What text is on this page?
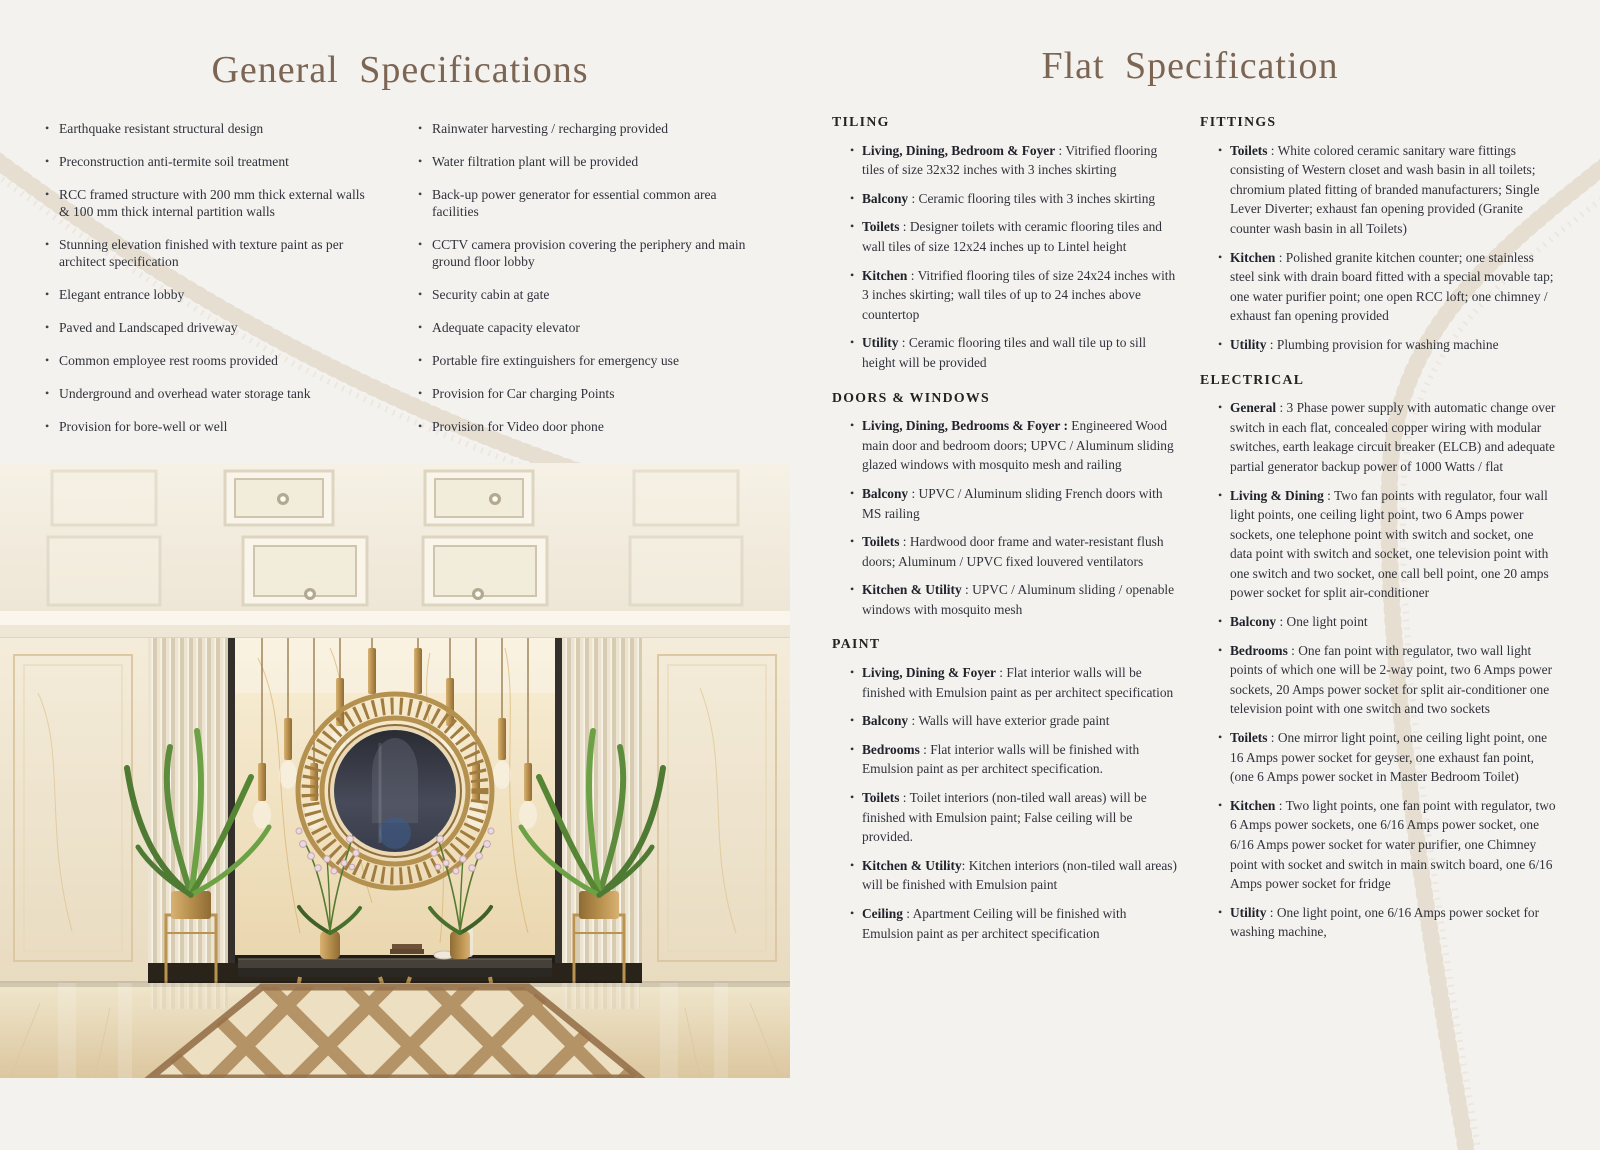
General Specifications	Flat Specification
• Earthquake resistant structural design
• Preconstruction anti-termite soil treatment
• RCC framed structure with 200 mm thick external walls & 100 mm thick internal partition walls
• Stunning elevation finished with texture paint as per architect specification
• Elegant entrance lobby
• Paved and Landscaped driveway
• Common employee rest rooms provided
• Underground and overhead water storage tank
• Provision for bore-well or well
• Rainwater harvesting / recharging provided
• Water filtration plant will be provided
• Back-up power generator for essential common area facilities
• CCTV camera provision covering the periphery and main ground floor lobby
• Security cabin at gate
• Adequate capacity elevator
• Portable fire extinguishers for emergency use
• Provision for Car charging Points
• Provision for Video door phone
TILING
• Living, Dining, Bedroom & Foyer : Vitrified flooring tiles of size 32x32 inches with 3 inches skirting
• Balcony : Ceramic flooring tiles with 3 inches skirting
• Toilets : Designer toilets with ceramic flooring tiles and wall tiles of size 12x24 inches up to Lintel height
• Kitchen : Vitrified flooring tiles of size 24x24 inches with 3 inches skirting; wall tiles of up to 24 inches above countertop
• Utility : Ceramic flooring tiles and wall tile up to sill height will be provided
DOORS & WINDOWS
• Living, Dining, Bedrooms & Foyer : Engineered Wood main door and bedroom doors; UPVC / Aluminum sliding glazed windows with mosquito mesh and railing
• Balcony : UPVC / Aluminum sliding French doors with MS railing
• Toilets : Hardwood door frame and water-resistant flush doors; Aluminum / UPVC fixed louvered ventilators
• Kitchen & Utility : UPVC / Aluminum sliding / openable windows with mosquito mesh
PAINT
• Living, Dining & Foyer : Flat interior walls will be finished with Emulsion paint as per architect specification
• Balcony : Walls will have exterior grade paint
• Bedrooms : Flat interior walls will be finished with Emulsion paint as per architect specification.
• Toilets : Toilet interiors (non-tiled wall areas) will be finished with Emulsion paint; False ceiling will be provided.
• Kitchen & Utility: Kitchen interiors (non-tiled wall areas) will be finished with Emulsion paint
• Ceiling : Apartment Ceiling will be finished with Emulsion paint as per architect specification
FITTINGS
• Toilets : White colored ceramic sanitary ware fittings consisting of Western closet and wash basin in all toilets; chromium plated fitting of branded manufacturers; Single Lever Diverter; exhaust fan opening provided (Granite counter wash basin in all Toilets)
• Kitchen : Polished granite kitchen counter; one stainless steel sink with drain board fitted with a special movable tap; one water purifier point; one open RCC loft; one chimney / exhaust fan opening provided
• Utility : Plumbing provision for washing machine
ELECTRICAL
• General : 3 Phase power supply with automatic change over switch in each flat, concealed copper wiring with modular switches, earth leakage circuit breaker (ELCB) and adequate partial generator backup power of 1000 Watts / flat
• Living & Dining : Two fan points with regulator, four wall light points, one ceiling light point, two 6 Amps power sockets, one telephone point with switch and socket, one data point with switch and socket, one television point with one switch and two socket, one call bell point, one 20 amps power socket for split air-conditioner
• Balcony : One light point
• Bedrooms : One fan point with regulator, two wall light points of which one will be 2-way point, two 6 Amps power sockets, 20 Amps power socket for split air-conditioner one television point with one switch and two sockets
• Toilets : One mirror light point, one ceiling light point, one 16 Amps power socket for geyser, one exhaust fan point, (one 6 Amps power socket in Master Bedroom Toilet)
• Kitchen : Two light points, one fan point with regulator, two 6 Amps power sockets, one 6/16 Amps power socket, one 6/16 Amps power socket for water purifier, one Chimney point with socket and switch in main switch board, one 6/16 Amps power socket for fridge
• Utility : One light point, one 6/16 Amps power socket for washing machine,
